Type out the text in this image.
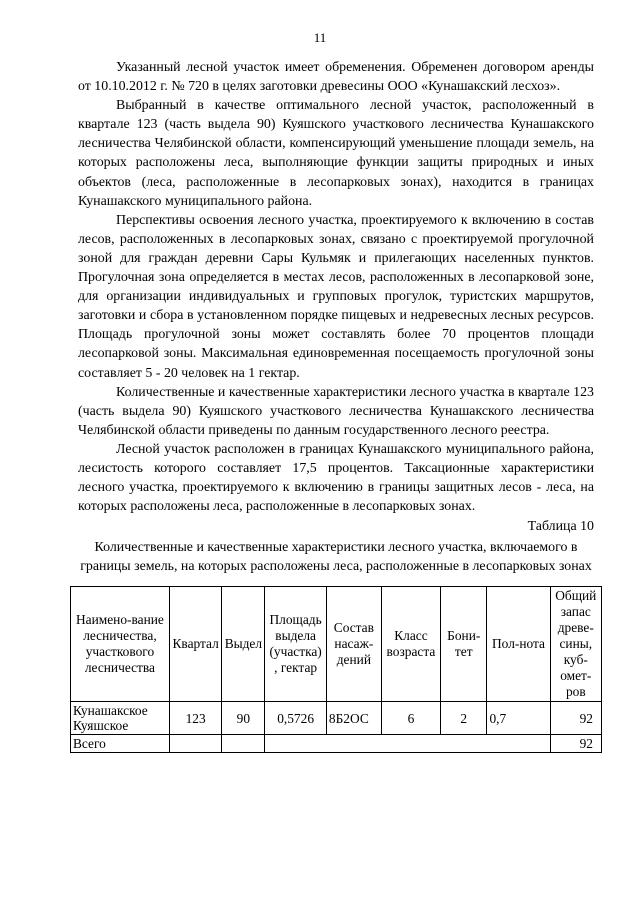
11

Указанный лесной участок имеет обременения. Обременен договором аренды от 10.10.2012 г. № 720 в целях заготовки древесины ООО «Кунашакский лесхоз».

Выбранный в качестве оптимального лесной участок, расположенный в квартале 123 (часть выдела 90) Куяшского участкового лесничества Кунашакского лесничества Челябинской области, компенсирующий уменьшение площади земель, на которых расположены леса, выполняющие функции защиты природных и иных объектов (леса, расположенные в лесопарковых зонах), находится в границах Кунашакского муниципального района.

Перспективы освоения лесного участка, проектируемого к включению в состав лесов, расположенных в лесопарковых зонах, связано с проектируемой прогулочной зоной для граждан деревни Сары Кульмяк и прилегающих населенных пунктов. Прогулочная зона определяется в местах лесов, расположенных в лесопарковой зоне, для организации индивидуальных и групповых прогулок, туристских маршрутов, заготовки и сбора в установленном порядке пищевых и недревесных лесных ресурсов. Площадь прогулочной зоны может составлять более 70 процентов площади лесопарковой зоны. Максимальная единовременная посещаемость прогулочной зоны составляет 5 - 20 человек на 1 гектар.

Количественные и качественные характеристики лесного участка в квартале 123 (часть выдела 90) Куяшского участкового лесничества Кунашакского лесничества Челябинской области приведены по данным государственного лесного реестра.

Лесной участок расположен в границах Кунашакского муниципального района, лесистость которого составляет 17,5 процентов. Таксационные характеристики лесного участка, проектируемого к включению в границы защитных лесов - леса, на которых расположены леса, расположенные в лесопарковых зонах.

Таблица 10
Количественные и качественные характеристики лесного участка, включаемого в границы земель, на которых расположены леса, расположенные в лесопарковых зонах
Наимено-вание лесничества, участкового лесничества	Квартал	Выдел	Площадь выдела (участка) , гектар	Состав насаж-дений	Класс возраста	Бони-тет	Пол-нота	Общий запас древе-сины, куб-омет-ров
Кунашакское Куяшское	123	90	0,5726	8Б2ОС	6	2	0,7	92
Всего								92
